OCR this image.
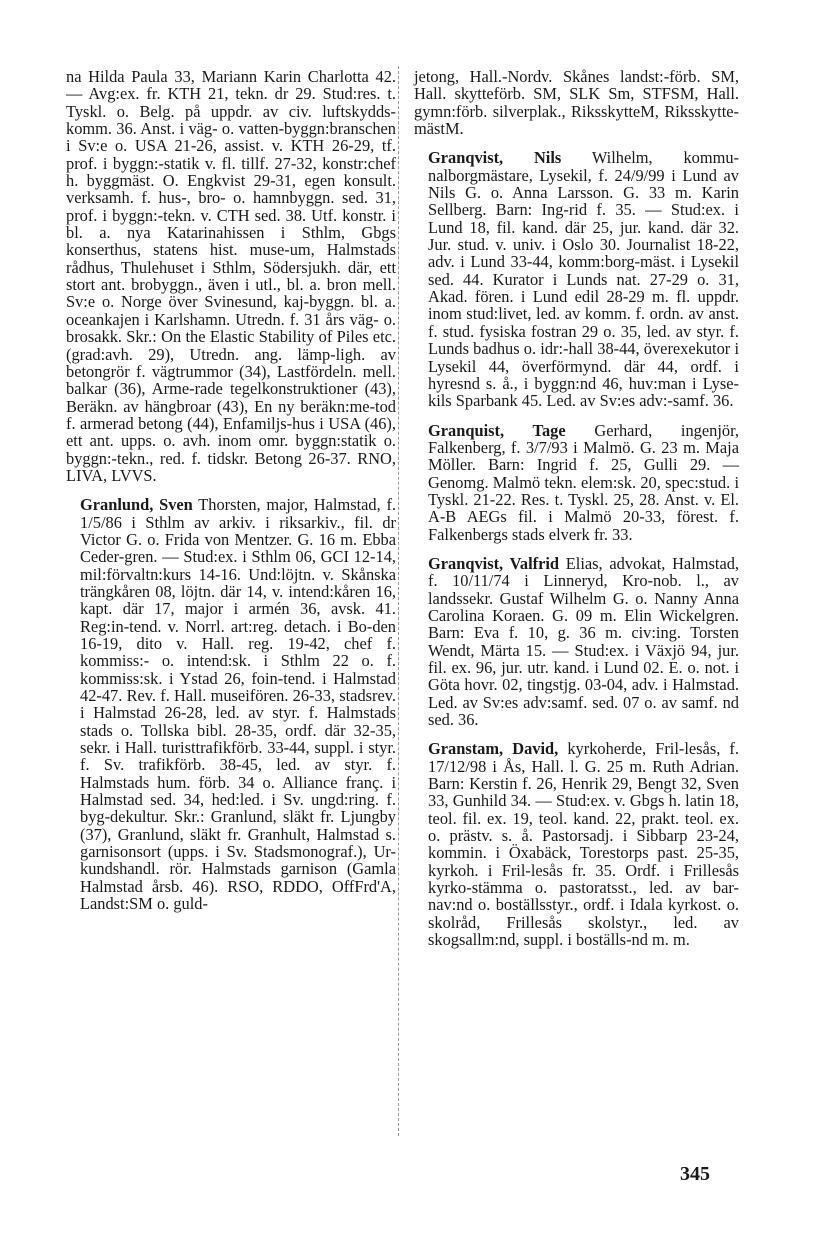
na Hilda Paula 33, Mariann Karin Charlotta 42. — Avg:ex. fr. KTH 21, tekn. dr 29. Stud:res. t. Tyskl. o. Belg. på uppdr. av civ. luftskydds-komm. 36. Anst. i väg- o. vatten-byggn:branschen i Sv:e o. USA 21-26, assist. v. KTH 26-29, tf. prof. i byggn:-statik v. fl. tillf. 27-32, konstr:chef h. byggmäst. O. Engkvist 29-31, egen konsult. verksamh. f. hus-, bro- o. hamnbyggn. sed. 31, prof. i byggn:-tekn. v. CTH sed. 38. Utf. konstr. i bl. a. nya Katarinahissen i Sthlm, Gbgs konserthus, statens hist. muse-um, Halmstads rådhus, Thulehuset i Sthlm, Södersjukh. där, ett stort ant. brobyggn., även i utl., bl. a. bron mell. Sv:e o. Norge över Svinesund, kaj-byggn. bl. a. oceankajen i Karlshamn. Utredn. f. 31 års väg- o. brosakk. Skr.: On the Elastic Stability of Piles etc. (grad:avh. 29), Utredn. ang. lämp-ligh. av betongrör f. vägtrummor (34), Lastfördeln. mell. balkar (36), Arme-rade tegelkonstruktioner (43), Beräkn. av hängbroar (43), En ny beräkn:me-tod f. armerad betong (44), Enfamiljs-hus i USA (46), ett ant. upps. o. avh. inom omr. byggn:statik o. byggn:-tekn., red. f. tidskr. Betong 26-37. RNO, LIVA, LVVS.

Granlund, Sven Thorsten, major, Halmstad, f. 1/5/86 i Sthlm av arkiv. i riksarkiv., fil. dr Victor G. o. Frida von Mentzer. G. 16 m. Ebba Ceder-gren. — Stud:ex. i Sthlm 06, GCI 12-14, mil:förvaltn:kurs 14-16. Und:löjtn. v. Skånska trängkåren 08, löjtn. där 14, v. intend:kåren 16, kapt. där 17, major i armén 36, avsk. 41. Reg:in-tend. v. Norrl. art:reg. detach. i Bo-den 16-19, dito v. Hall. reg. 19-42, chef f. kommiss:- o. intend:sk. i Sthlm 22 o. f. kommiss:sk. i Ystad 26, foin-tend. i Halmstad 42-47. Rev. f. Hall. museifören. 26-33, stadsrev. i Halmstad 26-28, led. av styr. f. Halmstads stads o. Tollska bibl. 28-35, ordf. där 32-35, sekr. i Hall. turisttrafikförb. 33-44, suppl. i styr. f. Sv. trafikförb. 38-45, led. av styr. f. Halmstads hum. förb. 34 o. Alliance franç. i Halmstad sed. 34, hed:led. i Sv. ungd:ring. f. byg-dekultur. Skr.: Granlund, släkt fr. Ljungby (37), Granlund, släkt fr. Granhult, Halmstad s. garnisonsort (upps. i Sv. Stadsmonograf.), Ur-kundshandl. rör. Halmstads garnison (Gamla Halmstad årsb. 46). RSO, RDDO, OffFrd'A, Landst:SM o. guld-

jetong, Hall.-Nordv. Skånes landst:-förb. SM, Hall. skytteförb. SM, SLK Sm, STFSM, Hall. gymn:förb. silverplak., RiksskytteM, Riksskytte-mästM.

Granqvist, Nils Wilhelm, kommu-nalborgmästare, Lysekil, f. 24/9/99 i Lund av Nils G. o. Anna Larsson. G. 33 m. Karin Sellberg. Barn: Ing-rid f. 35. — Stud:ex. i Lund 18, fil. kand. där 25, jur. kand. där 32. Jur. stud. v. univ. i Oslo 30. Journalist 18-22, adv. i Lund 33-44, komm:borg-mäst. i Lysekil sed. 44. Kurator i Lunds nat. 27-29 o. 31, Akad. fören. i Lund edil 28-29 m. fl. uppdr. inom stud:livet, led. av komm. f. ordn. av anst. f. stud. fysiska fostran 29 o. 35, led. av styr. f. Lunds badhus o. idr:-hall 38-44, överexekutor i Lysekil 44, överförmynd. där 44, ordf. i hyresnd s. å., i byggn:nd 46, huv:man i Lyse-kils Sparbank 45. Led. av Sv:es adv:-samf. 36.

Granquist, Tage Gerhard, ingenjör, Falkenberg, f. 3/7/93 i Malmö. G. 23 m. Maja Möller. Barn: Ingrid f. 25, Gulli 29. — Genomg. Malmö tekn. elem:sk. 20, spec:stud. i Tyskl. 21-22. Res. t. Tyskl. 25, 28. Anst. v. El. A-B AEGs fil. i Malmö 20-33, förest. f. Falkenbergs stads elverk fr. 33.

Granqvist, Valfrid Elias, advokat, Halmstad, f. 10/11/74 i Linneryd, Kro-nob. l., av landssekr. Gustaf Wilhelm G. o. Nanny Anna Carolina Koraen. G. 09 m. Elin Wickelgren. Barn: Eva f. 10, g. 36 m. civ:ing. Torsten Wendt, Märta 15. — Stud:ex. i Växjö 94, jur. fil. ex. 96, jur. utr. kand. i Lund 02. E. o. not. i Göta hovr. 02, tingstjg. 03-04, adv. i Halmstad. Led. av Sv:es adv:samf. sed. 07 o. av samf. nd sed. 36.

Granstam, David, kyrkoherde, Fril-lesås, f. 17/12/98 i Ås, Hall. l. G. 25 m. Ruth Adrian. Barn: Kerstin f. 26, Henrik 29, Bengt 32, Sven 33, Gunhild 34. — Stud:ex. v. Gbgs h. latin 18, teol. fil. ex. 19, teol. kand. 22, prakt. teol. ex. o. prästv. s. å. Pastorsadj. i Sibbarp 23-24, kommin. i Öxabäck, Torestorps past. 25-35, kyrkoh. i Fril-lesås fr. 35. Ordf. i Frillesås kyrko-stämma o. pastoratsst., led. av bar-nav:nd o. boställsstyr., ordf. i Idala kyrkost. o. skolråd, Frillesås skolstyr., led. av skogsallm:nd, suppl. i boställs-nd m. m.

345
